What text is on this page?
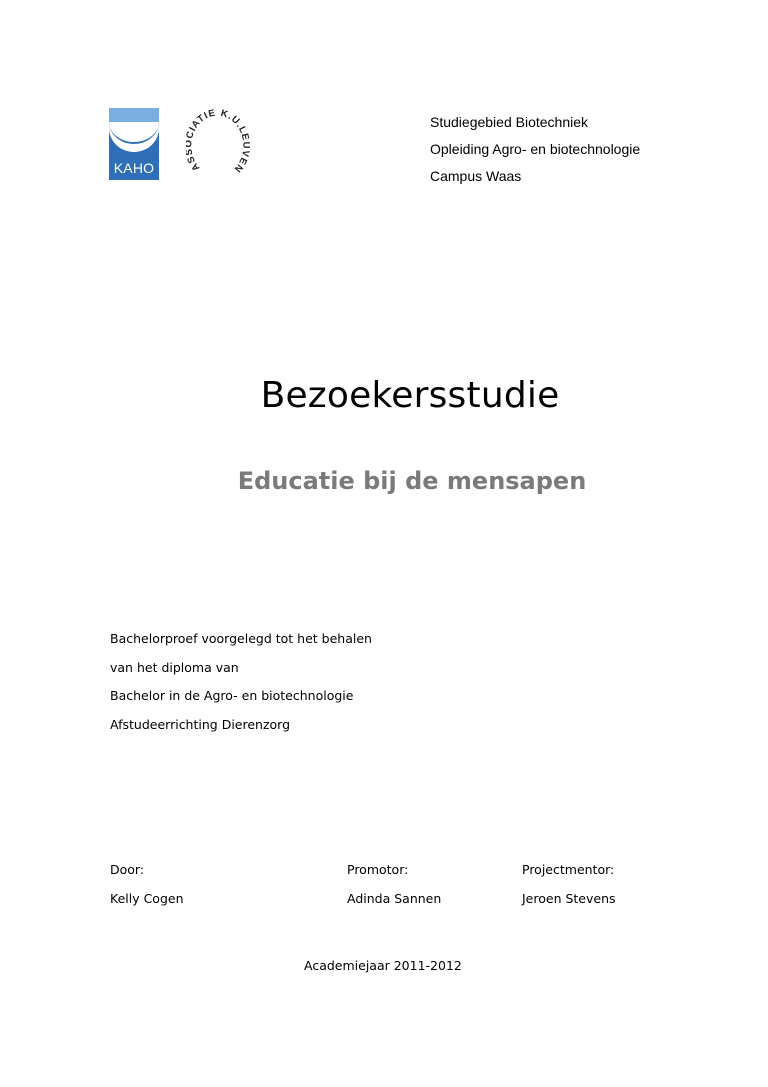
KAHO	AS IATIE K.U.LEUVEN
Studiegebied Biotechniek
Opleiding Agro- en biotechnologie
Campus Waas
Bezoekersstudie
Educatie bij de mensapen
Bachelorproef voorgelegd tot het behalen
van het diploma van
Bachelor in de Agro- en biotechnologie
Afstudeerrichting Dierenzorg
Door:
Kelly Cogen
Promotor:
Adinda Sannen
Projectmentor:
Jeroen Stevens
Academiejaar 2011-2012
